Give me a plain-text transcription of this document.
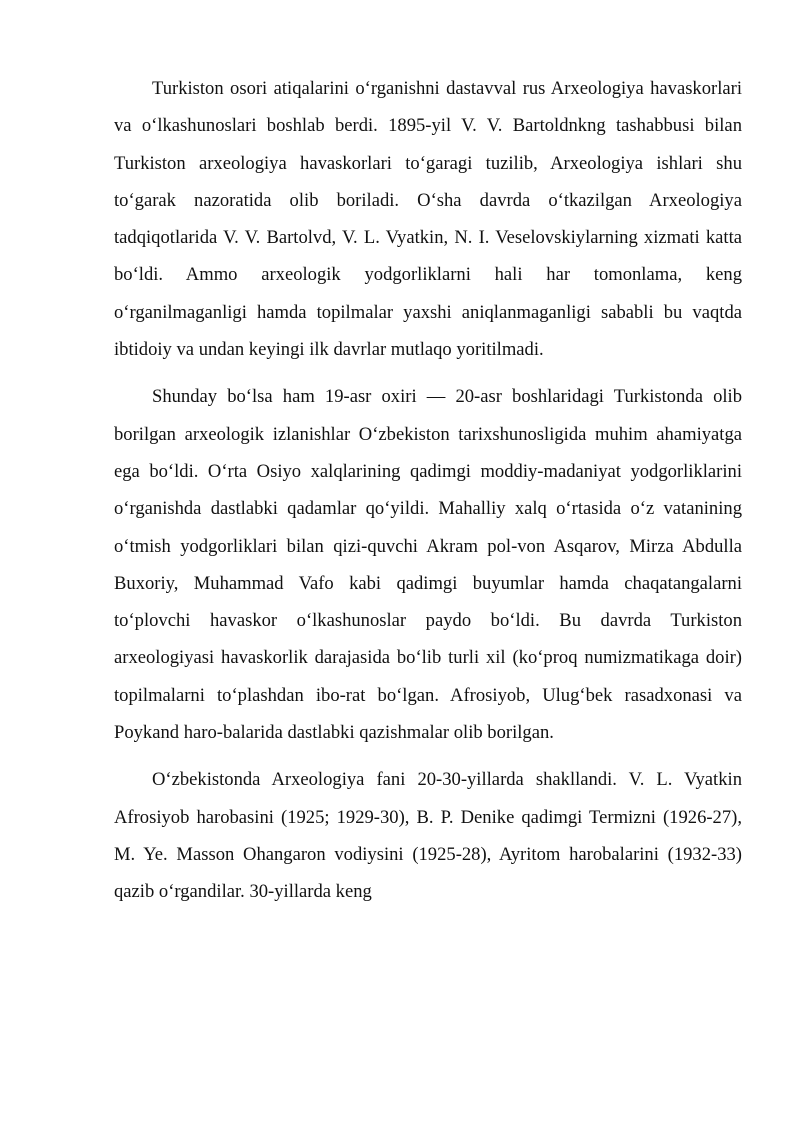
Turkiston osori atiqalarini o‘rganishni dastavval rus Arxeologiya havaskorlari va o‘lkashunoslari boshlab berdi. 1895-yil V. V. Bartoldnkng tashabbusi bilan Turkiston arxeologiya havaskorlari to‘garagi tuzilib, Arxeologiya ishlari shu to‘garak nazoratida olib boriladi. O‘sha davrda o‘tkazilgan Arxeologiya tadqiqotlarida V. V. Bartolvd, V. L. Vyatkin, N. I. Veselovskiylarning xizmati katta bo‘ldi. Ammo arxeologik yodgorliklarni hali har tomonlama, keng o‘rganilmaganligi hamda topilmalar yaxshi aniqlanmaganligi sababli bu vaqtda ibtidoiy va undan keyingi ilk davrlar mutlaqo yoritilmadi.

Shunday bo‘lsa ham 19-asr oxiri — 20-asr boshlaridagi Turkistonda olib borilgan arxeologik izlanishlar O‘zbekiston tarixshunosligida muhim ahamiyatga ega bo‘ldi. O‘rta Osiyo xalqlarining qadimgi moddiy-madaniyat yodgorliklarini o‘rganishda dastlabki qadamlar qo‘yildi. Mahalliy xalq o‘rtasida o‘z vatanining o‘tmish yodgorliklari bilan qizi-quvchi Akram pol-von Asqarov, Mirza Abdulla Buxoriy, Muhammad Vafo kabi qadimgi buyumlar hamda chaqatangalarni to‘plovchi havaskor o‘lkashunoslar paydo bo‘ldi. Bu davrda Turkiston arxeologiyasi havaskorlik darajasida bo‘lib turli xil (ko‘proq numizmatikaga doir) topilmalarni to‘plashdan ibo-rat bo‘lgan. Afrosiyob, Ulug‘bek rasadxonasi va Poykand haro-balarida dastlabki qazishmalar olib borilgan.

O‘zbekistonda Arxeologiya fani 20-30-yillarda shakllandi. V. L. Vyatkin Afrosiyob harobasini (1925; 1929-30), B. P. Denike qadimgi Termizni (1926-27), M. Ye. Masson Ohangaron vodiysini (1925-28), Ayritom harobalarini (1932-33) qazib o‘rgandilar. 30-yillarda keng
